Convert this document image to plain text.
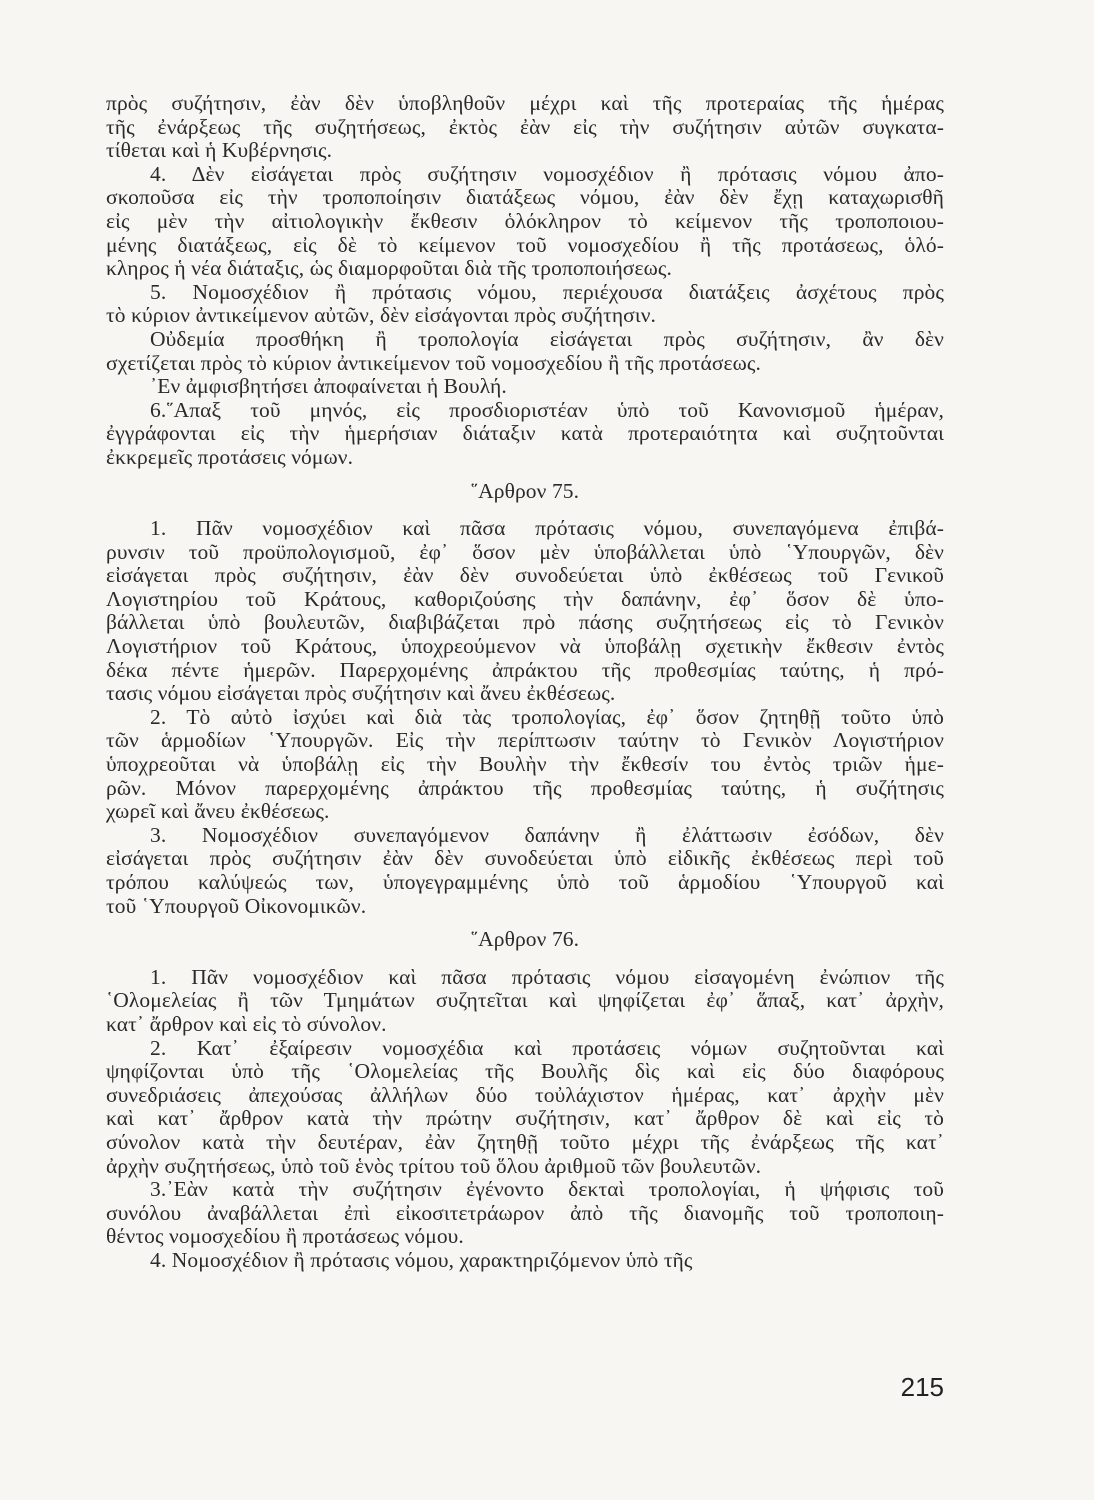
πρὸς συζήτησιν, ἐὰν δὲν ὑποβληθοῦν μέχρι καὶ τῆς προτεραίας τῆς ἡμέρας
τῆς ἐνάρξεως τῆς συζητήσεως, ἐκτὸς ἐὰν εἰς τὴν συζήτησιν αὐτῶν συγκατα-
τίθεται καὶ ἡ Κυβέρνησις.
4. Δὲν εἰσάγεται πρὸς συζήτησιν νομοσχέδιον ἢ πρότασις νόμου ἀπο-
σκοποῦσα εἰς τὴν τροποποίησιν διατάξεως νόμου, ἐὰν δὲν ἔχῃ καταχωρισθῆ
εἰς μὲν τὴν αἰτιολογικὴν ἔκθεσιν ὁλόκληρον τὸ κείμενον τῆς τροποποιου-
μένης διατάξεως, εἰς δὲ τὸ κείμενον τοῦ νομοσχεδίου ἢ τῆς προτάσεως, ὁλό-
κληρος ἡ νέα διάταξις, ὡς διαμορφοῦται διὰ τῆς τροποποιήσεως.
5. Νομοσχέδιον ἢ πρότασις νόμου, περιέχουσα διατάξεις ἀσχέτους πρὸς
τὸ κύριον ἀντικείμενον αὐτῶν, δὲν εἰσάγονται πρὸς συζήτησιν.
Οὐδεμία προσθήκη ἢ τροπολογία εἰσάγεται πρὸς συζήτησιν, ἂν δὲν
σχετίζεται πρὸς τὸ κύριον ἀντικείμενον τοῦ νομοσχεδίου ἢ τῆς προτάσεως.
᾿Εν ἀμφισβητήσει ἀποφαίνεται ἡ Βουλή.
6.῞Απαξ τοῦ μηνός, εἰς προσδιοριστέαν ὑπὸ τοῦ Κανονισμοῦ ἡμέραν,
ἐγγράφονται εἰς τὴν ἡμερήσιαν διάταξιν κατὰ προτεραιότητα καὶ συζητοῦνται
ἐκκρεμεῖς προτάσεις νόμων.
῞Αρθρον 75.
1. Πᾶν νομοσχέδιον καὶ πᾶσα πρότασις νόμου, συνεπαγόμενα ἐπιβά-
ρυνσιν τοῦ προϋπολογισμοῦ, ἐφ᾿ ὅσον μὲν ὑποβάλλεται ὑπὸ ῾Υπουργῶν, δὲν
εἰσάγεται πρὸς συζήτησιν, ἐὰν δὲν συνοδεύεται ὑπὸ ἐκθέσεως τοῦ Γενικοῦ
Λογιστηρίου τοῦ Κράτους, καθοριζούσης τὴν δαπάνην, ἐφ᾿ ὅσον δὲ ὑπο-
βάλλεται ὑπὸ βουλευτῶν, διαβιβάζεται πρὸ πάσης συζητήσεως εἰς τὸ Γενικὸν
Λογιστήριον τοῦ Κράτους, ὑποχρεούμενον νὰ ὑποβάλῃ σχετικὴν ἔκθεσιν ἐντὸς
δέκα πέντε ἡμερῶν. Παρερχομένης ἀπράκτου τῆς προθεσμίας ταύτης, ἡ πρό-
τασις νόμου εἰσάγεται πρὸς συζήτησιν καὶ ἄνευ ἐκθέσεως.
2. Τὸ αὐτὸ ἰσχύει καὶ διὰ τὰς τροπολογίας, ἐφ᾿ ὅσον ζητηθῇ τοῦτο ὑπὸ
τῶν ἁρμοδίων ῾Υπουργῶν. Εἰς τὴν περίπτωσιν ταύτην τὸ Γενικὸν Λογιστήριον
ὑποχρεοῦται νὰ ὑποβάλῃ εἰς τὴν Βουλὴν τὴν ἔκθεσίν του ἐντὸς τριῶν ἡμε-
ρῶν. Μόνον παρερχομένης ἀπράκτου τῆς προθεσμίας ταύτης, ἡ συζήτησις
χωρεῖ καὶ ἄνευ ἐκθέσεως.
3. Νομοσχέδιον συνεπαγόμενον δαπάνην ἢ ἐλάττωσιν ἐσόδων, δὲν
εἰσάγεται πρὸς συζήτησιν ἐὰν δὲν συνοδεύεται ὑπὸ εἰδικῆς ἐκθέσεως περὶ τοῦ
τρόπου καλύψεώς των, ὑπογεγραμμένης ὑπὸ τοῦ ἁρμοδίου ῾Υπουργοῦ καὶ
τοῦ ῾Υπουργοῦ Οἰκονομικῶν.
῞Αρθρον 76.
1. Πᾶν νομοσχέδιον καὶ πᾶσα πρότασις νόμου εἰσαγομένη ἐνώπιον τῆς
῾Ολομελείας ἢ τῶν Τμημάτων συζητεῖται καὶ ψηφίζεται ἐφ᾿ ἅπαξ, κατ᾿ ἀρχὴν,
κατ᾿ ἄρθρον καὶ εἰς τὸ σύνολον.
2. Κατ᾿ ἐξαίρεσιν νομοσχέδια καὶ προτάσεις νόμων συζητοῦνται καὶ
ψηφίζονται ὑπὸ τῆς ῾Ολομελείας τῆς Βουλῆς δὶς καὶ εἰς δύο διαφόρους
συνεδριάσεις ἀπεχούσας ἀλλήλων δύο τοὐλάχιστον ἡμέρας, κατ᾿ ἀρχὴν μὲν
καὶ κατ᾿ ἄρθρον κατὰ τὴν πρώτην συζήτησιν, κατ᾿ ἄρθρον δὲ καὶ εἰς τὸ
σύνολον κατὰ τὴν δευτέραν, ἐὰν ζητηθῇ τοῦτο μέχρι τῆς ἐνάρξεως τῆς κατ᾿
ἀρχὴν συζητήσεως, ὑπὸ τοῦ ἑνὸς τρίτου τοῦ ὅλου ἀριθμοῦ τῶν βουλευτῶν.
3.᾿Εὰν κατὰ τὴν συζήτησιν ἐγένοντο δεκταὶ τροπολογίαι, ἡ ψήφισις τοῦ
συνόλου ἀναβάλλεται ἐπὶ εἰκοσιτετράωρον ἀπὸ τῆς διανομῆς τοῦ τροποποιη-
θέντος νομοσχεδίου ἢ προτάσεως νόμου.
4. Νομοσχέδιον ἢ πρότασις νόμου, χαρακτηριζόμενον ὑπὸ τῆς
215
